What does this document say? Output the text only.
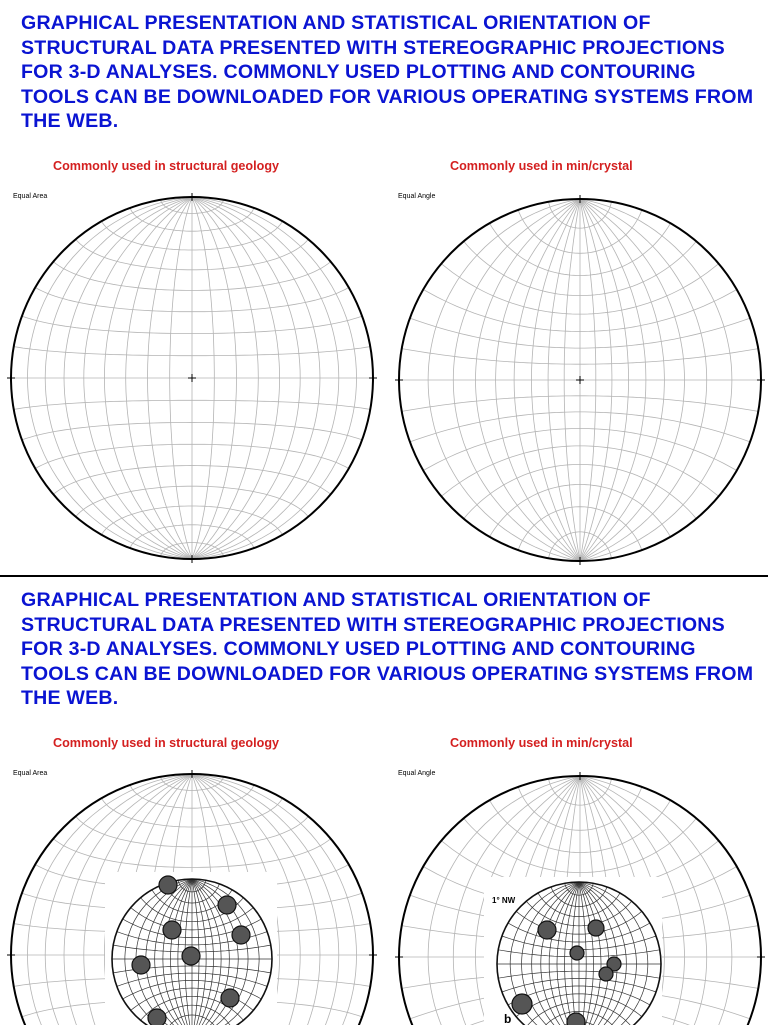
GRAPHICAL PRESENTATION AND STATISTICAL ORIENTATION OF STRUCTURAL DATA PRESENTED WITH STEREOGRAPHIC PROJECTIONS FOR 3-D ANALYSES. COMMONLY USED PLOTTING AND CONTOURING TOOLS CAN BE DOWNLOADED FOR VARIOUS OPERATING SYSTEMS FROM THE WEB.

Commonly used in structural geology	Commonly used in min/crystal
Equal Area	Equal Angle

GRAPHICAL PRESENTATION AND STATISTICAL ORIENTATION OF STRUCTURAL DATA PRESENTED WITH STEREOGRAPHIC PROJECTIONS FOR 3-D ANALYSES. COMMONLY USED PLOTTING AND CONTOURING TOOLS CAN BE DOWNLOADED FOR VARIOUS OPERATING SYSTEMS FROM THE WEB.

Commonly used in structural geology	Commonly used in min/crystal
Equal Area	Equal Angle
1° NW
b
